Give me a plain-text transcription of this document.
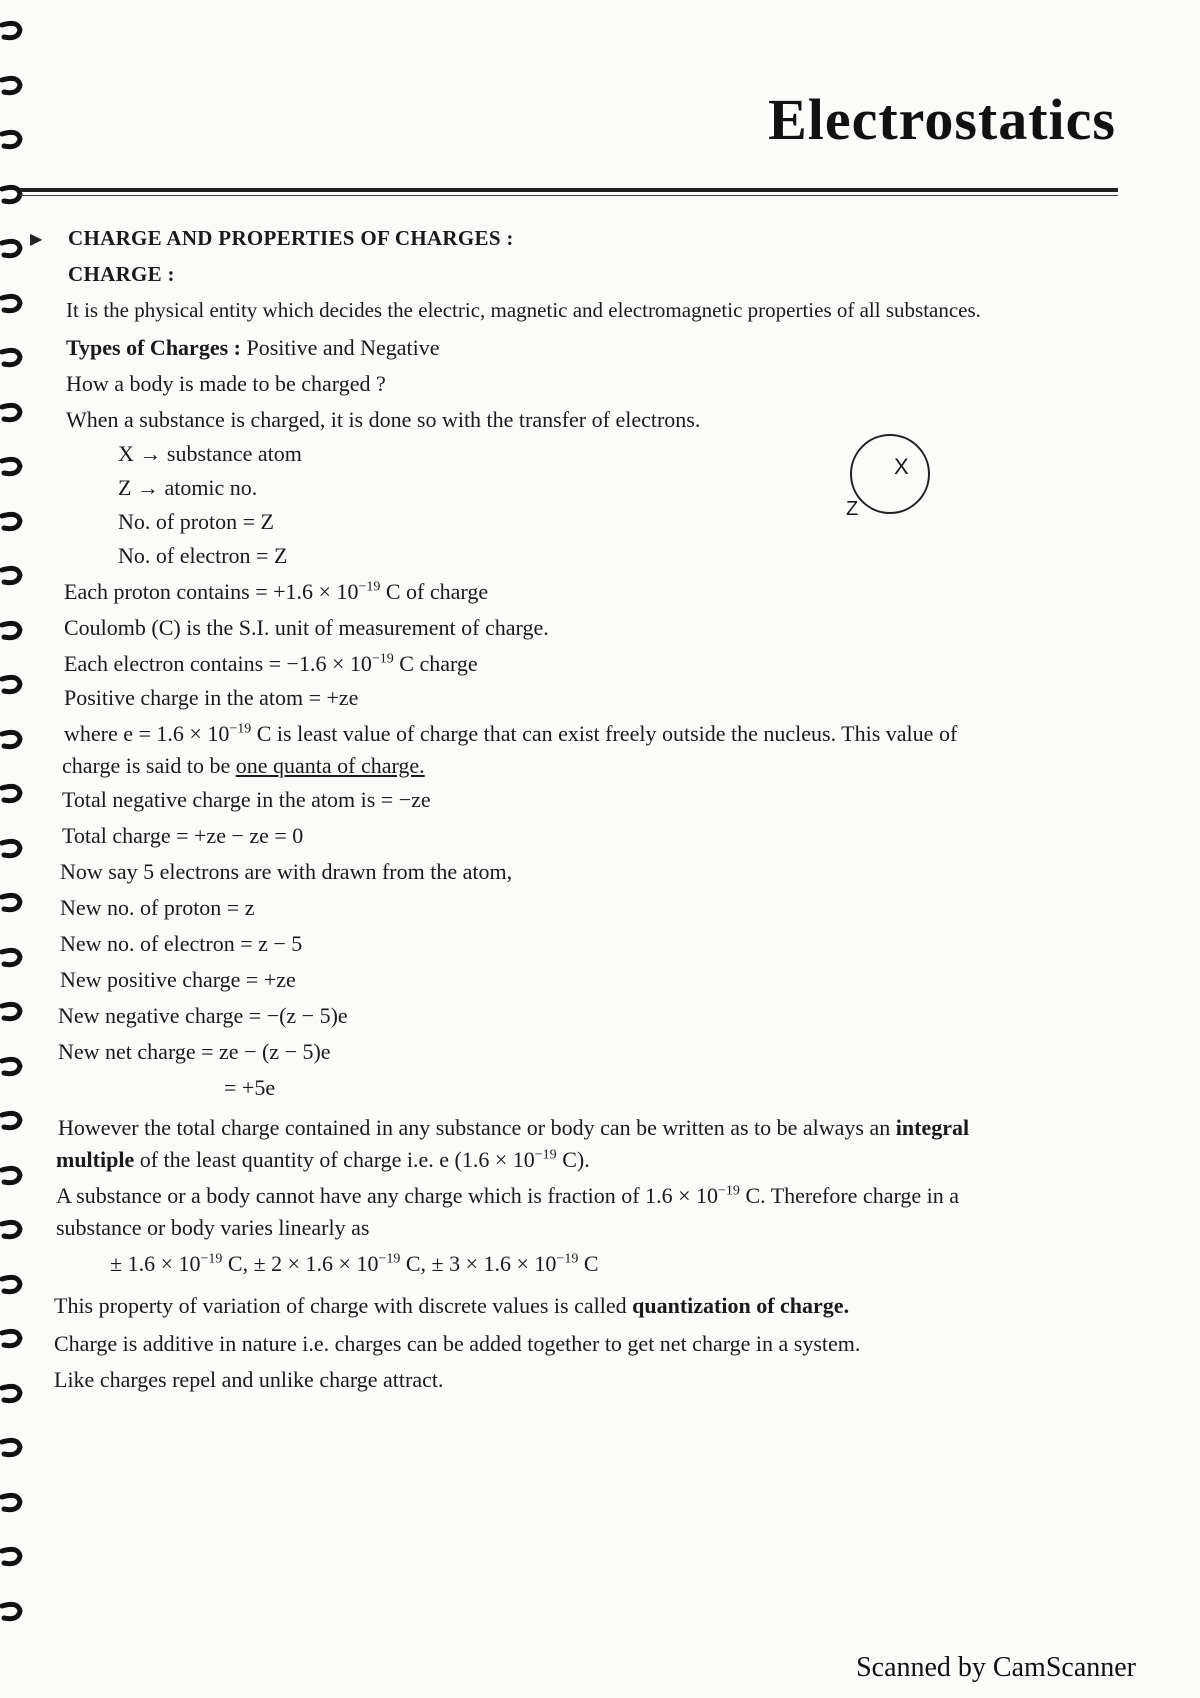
Electrostatics
▶ CHARGE AND PROPERTIES OF CHARGES :
CHARGE :
It is the physical entity which decides the electric, magnetic and electromagnetic properties of all substances.
Types of Charges : Positive and Negative
How a body is made to be charged ?
When a substance is charged, it is done so with the transfer of electrons.
X → substance atom
Z → atomic no.
No. of proton = Z
No. of electron = Z
X
Z
Each proton contains = $+1.6 \times 10^{-19}$ C of charge
Coulomb (C) is the S.I. unit of measurement of charge.
Each electron contains = $-1.6 \times 10^{-19}$ C charge
Positive charge in the atom = +ze
where $e = 1.6 \times 10^{-19}$ C is least value of charge that can exist freely outside the nucleus. This value of
charge is said to be one quanta of charge.
Total negative charge in the atom is = −ze
Total charge = +ze − ze = 0
Now say 5 electrons are with drawn from the atom,
New no. of proton = z
New no. of electron = z − 5
New positive charge = +ze
New negative charge = −(z − 5)e
New net charge = ze − (z − 5)e
= +5e
However the total charge contained in any substance or body can be written as to be always an integral
multiple of the least quantity of charge i.e. e ($1.6 \times 10^{-19}$ C).
A substance or a body cannot have any charge which is fraction of $1.6 \times 10^{-19}$ C. Therefore charge in a
substance or body varies linearly as
± $1.6 \times 10^{-19}$ C, ± $2 \times 1.6 \times 10^{-19}$ C, ± $3 \times 1.6 \times 10^{-19}$ C
This property of variation of charge with discrete values is called quantization of charge.
Charge is additive in nature i.e. charges can be added together to get net charge in a system.
Like charges repel and unlike charge attract.
Scanned by CamScanner
